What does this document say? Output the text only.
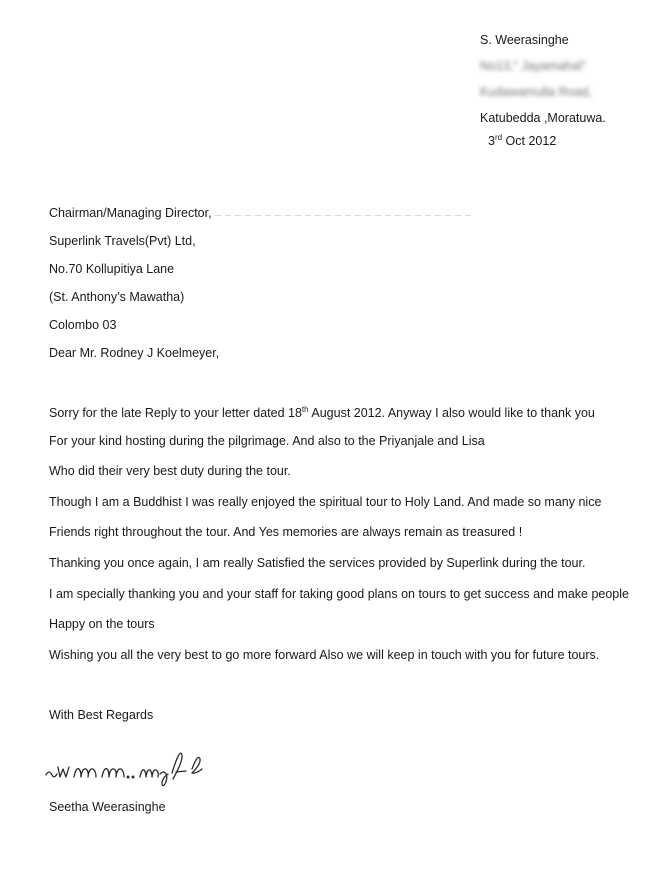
S. Weerasinghe
No13," Jayamahal"
Kudawamulla Road,
Katubedda ,Moratuwa.
3rd Oct 2012
Chairman/Managing Director,
Superlink Travels(Pvt) Ltd,
No.70 Kollupitiya Lane
(St. Anthony’s Mawatha)
Colombo 03
Dear Mr. Rodney J Koelmeyer,
Sorry for the late Reply to your letter dated 18th August 2012. Anyway I also would like to thank you
For your kind hosting during the pilgrimage. And also to the Priyanjale and Lisa
Who did their very best duty during the tour.
Though I am a Buddhist I was really enjoyed the spiritual tour to Holy Land. And made so many nice
Friends right throughout the tour. And Yes memories are always remain as treasured !
Thanking you once again, I am really Satisfied the services provided by Superlink during the tour.
I am specially thanking you and your staff for taking good plans on tours to get success and make people
Happy on the tours
Wishing you all the very best to go more forward Also we will keep in touch with you for future tours.
With Best Regards
Seetha Weerasinghe
